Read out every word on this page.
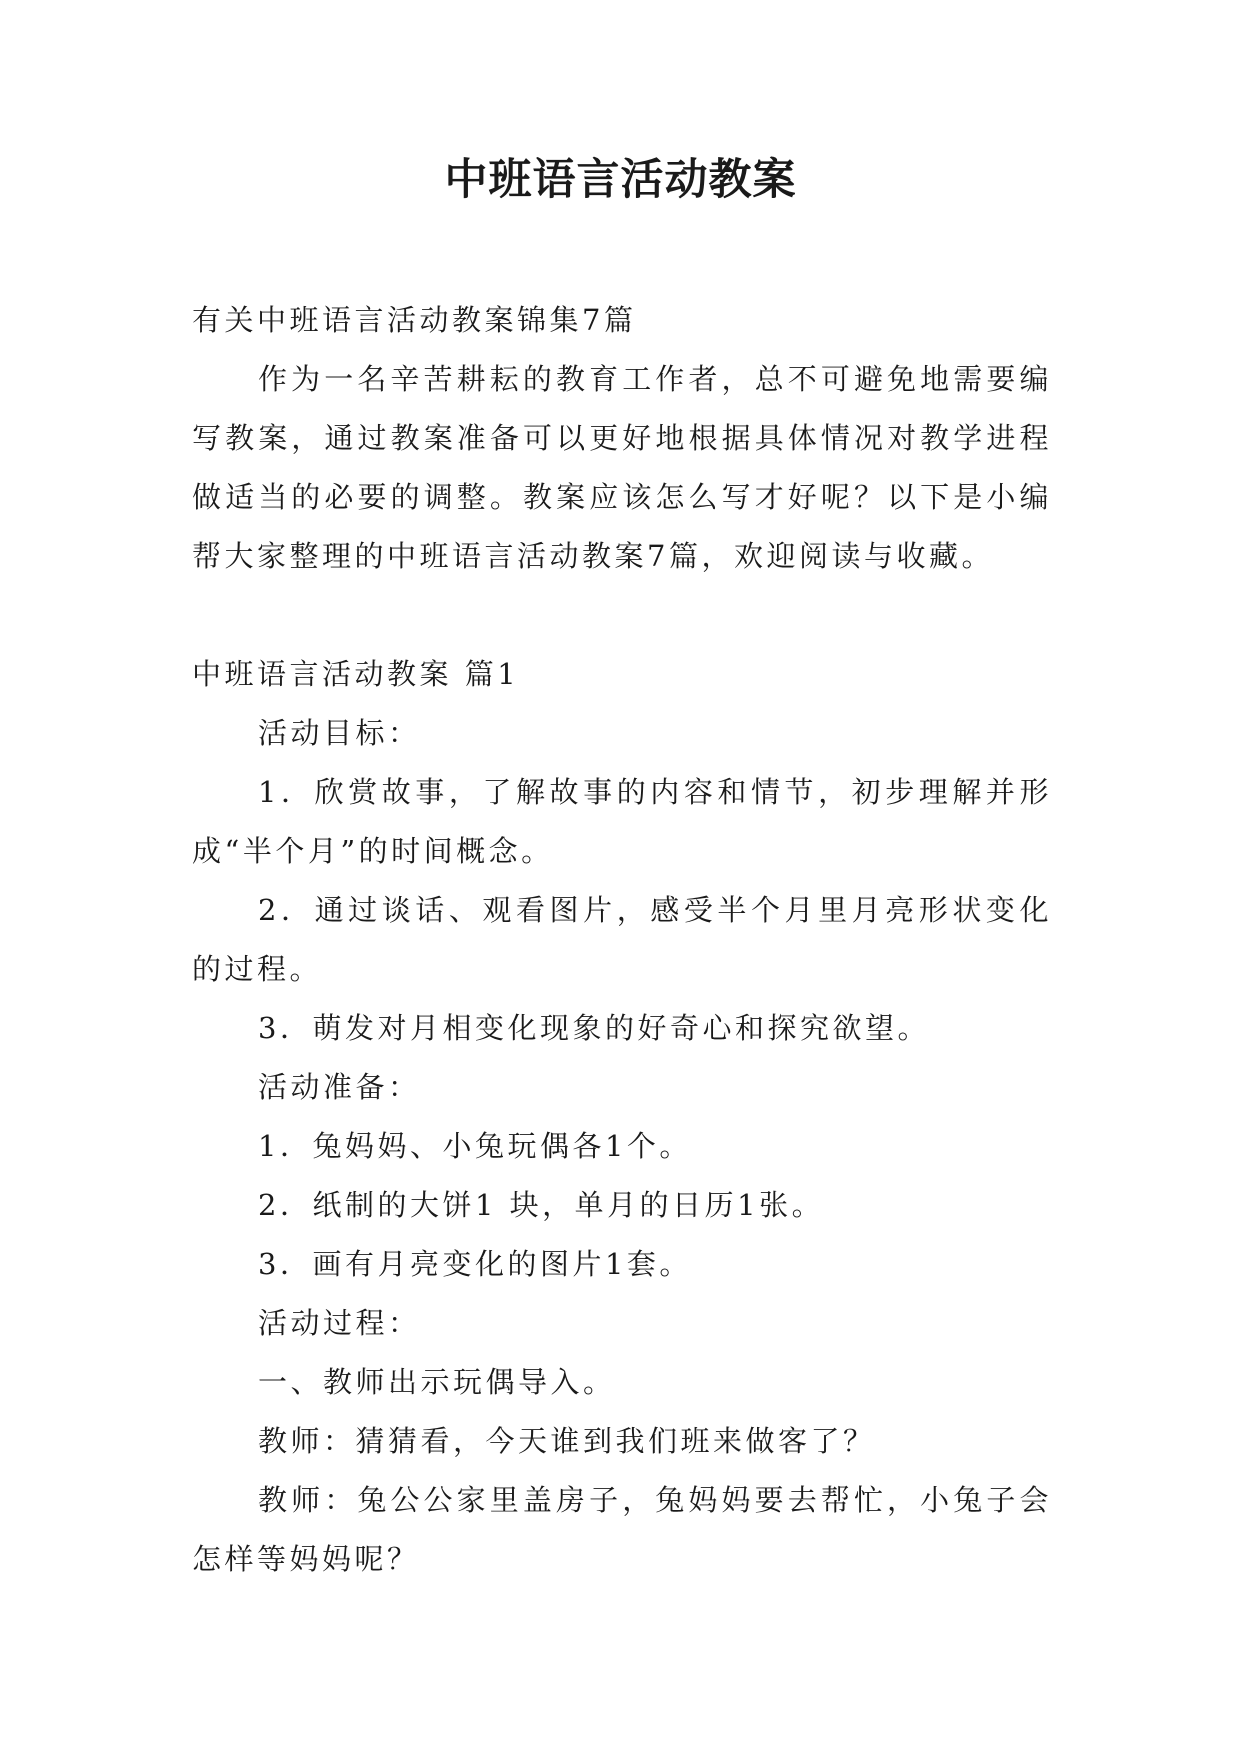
中班语言活动教案

有关中班语言活动教案锦集7篇

作为一名辛苦耕耘的教育工作者，总不可避免地需要编写教案，通过教案准备可以更好地根据具体情况对教学进程做适当的必要的调整。教案应该怎么写才好呢？以下是小编帮大家整理的中班语言活动教案7篇，欢迎阅读与收藏。

中班语言活动教案 篇1

活动目标：

1．欣赏故事，了解故事的内容和情节，初步理解并形成“半个月”的时间概念。

2．通过谈话、观看图片，感受半个月里月亮形状变化的过程。

3．萌发对月相变化现象的好奇心和探究欲望。

活动准备：

1．兔妈妈、小兔玩偶各1个。

2．纸制的大饼1 块，单月的日历1张。

3．画有月亮变化的图片1套。

活动过程：

一、教师出示玩偶导入。

教师：猜猜看，今天谁到我们班来做客了？

教师：兔公公家里盖房子，兔妈妈要去帮忙，小兔子会怎样等妈妈呢？
